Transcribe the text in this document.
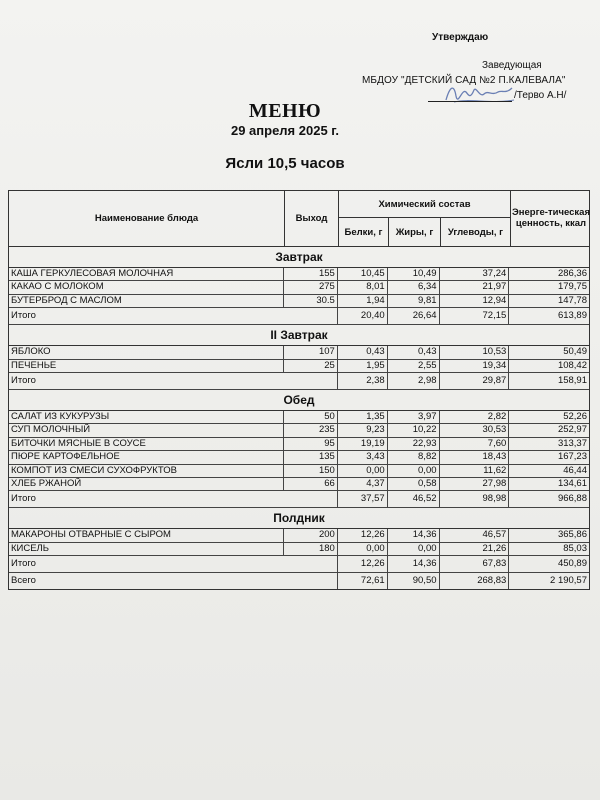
Утверждаю
Заведующая
МБДОУ "ДЕТСКИЙ САД №2 П.КАЛЕВАЛА"
/Терво А.Н/
МЕНЮ
29 апреля 2025 г.
Ясли 10,5 часов
Наименование блюда	Выход
Химический состав
Белки, г	Жиры, г	Углеводы, г
Энерге-тическая ценность, ккал
Завтрак
КАША ГЕРКУЛЕСОВАЯ МОЛОЧНАЯ	155	10,45	10,49	37,24	286,36
КАКАО С МОЛОКОМ	275	8,01	6,34	21,97	179,75
БУТЕРБРОД С МАСЛОМ	30.5	1,94	9,81	12,94	147,78
Итого	20,40	26,64	72,15	613,89
II Завтрак
ЯБЛОКО	107	0,43	0,43	10,53	50,49
ПЕЧЕНЬЕ	25	1,95	2,55	19,34	108,42
Итого	2,38	2,98	29,87	158,91
Обед
САЛАТ ИЗ КУКУРУЗЫ	50	1,35	3,97	2,82	52,26
СУП МОЛОЧНЫЙ	235	9,23	10,22	30,53	252,97
БИТОЧКИ МЯСНЫЕ В СОУСЕ	95	19,19	22,93	7,60	313,37
ПЮРЕ КАРТОФЕЛЬНОЕ	135	3,43	8,82	18,43	167,23
КОМПОТ ИЗ СМЕСИ СУХОФРУКТОВ	150	0,00	0,00	11,62	46,44
ХЛЕБ РЖАНОЙ	66	4,37	0,58	27,98	134,61
Итого	37,57	46,52	98,98	966,88
Полдник
МАКАРОНЫ ОТВАРНЫЕ С СЫРОМ	200	12,26	14,36	46,57	365,86
КИСЕЛЬ	180	0,00	0,00	21,26	85,03
Итого	12,26	14,36	67,83	450,89
Всего	72,61	90,50	268,83	2 190,57
